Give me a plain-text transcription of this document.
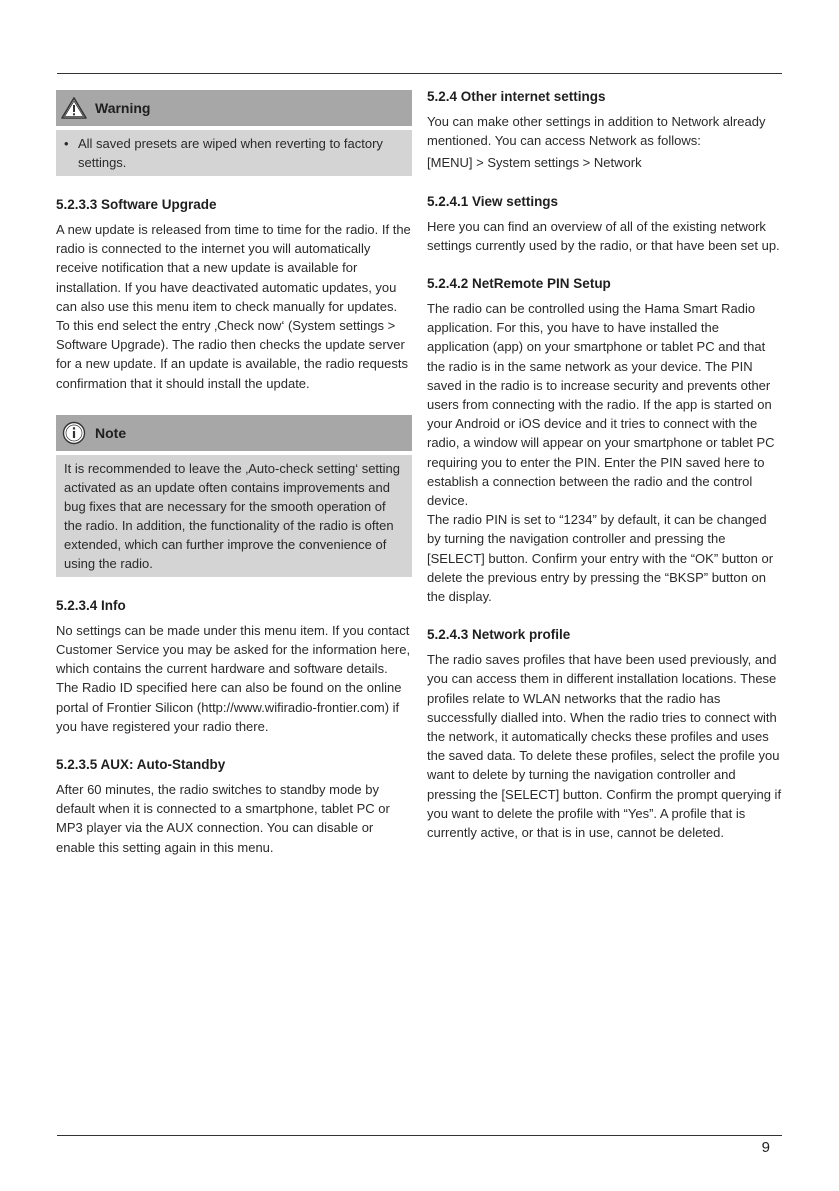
Warning
• All saved presets are wiped when reverting to factory settings.
5.2.3.3 Software Upgrade

A new update is released from time to time for the radio. If the radio is connected to the internet you will automatically receive notification that a new update is available for installation. If you have deactivated automatic updates, you can also use this menu item to check manually for updates. To this end select the entry ‚Check now‘ (System settings > Software Upgrade). The radio then checks the update server for a new update. If an update is available, the radio requests confirmation that it should install the update.

Note
It is recommended to leave the ‚Auto-check setting‘ setting activated as an update often contains improvements and bug fixes that are necessary for the smooth operation of the radio. In addition, the functionality of the radio is often extended, which can further improve the convenience of using the radio.
5.2.3.4 Info

No settings can be made under this menu item. If you contact Customer Service you may be asked for the information here, which contains the current hardware and software details. The Radio ID specified here can also be found on the online portal of Frontier Silicon (http://www.wifiradio-frontier.com) if you have registered your radio there.

5.2.3.5 AUX: Auto-Standby

After 60 minutes, the radio switches to standby mode by default when it is connected to a smartphone, tablet PC or MP3 player via the AUX connection. You can disable or enable this setting again in this menu.

5.2.4 Other internet settings

You can make other settings in addition to Network already mentioned. You can access Network as follows:

[MENU] > System settings > Network

5.2.4.1 View settings

Here you can find an overview of all of the existing network settings currently used by the radio, or that have been set up.

5.2.4.2 NetRemote PIN Setup

The radio can be controlled using the Hama Smart Radio application. For this, you have to have installed the application (app) on your smartphone or tablet PC and that the radio is in the same network as your device. The PIN saved in the radio is to increase security and prevents other users from connecting with the radio. If the app is started on your Android or iOS device and it tries to connect with the radio, a window will appear on your smartphone or tablet PC requiring you to enter the PIN. Enter the PIN saved here to establish a connection between the radio and the control device.

The radio PIN is set to “1234” by default, it can be changed by turning the navigation controller and pressing the [SELECT] button. Confirm your entry with the “OK” button or delete the previous entry by pressing the “BKSP” button on the display.

5.2.4.3 Network profile

The radio saves profiles that have been used previously, and you can access them in different installation locations. These profiles relate to WLAN networks that the radio has successfully dialled into. When the radio tries to connect with the network, it automatically checks these profiles and uses the saved data. To delete these profiles, select the profile you want to delete by turning the navigation controller and pressing the [SELECT] button. Confirm the prompt querying if you want to delete the profile with “Yes”. A profile that is currently active, or that is in use, cannot be deleted.

9
